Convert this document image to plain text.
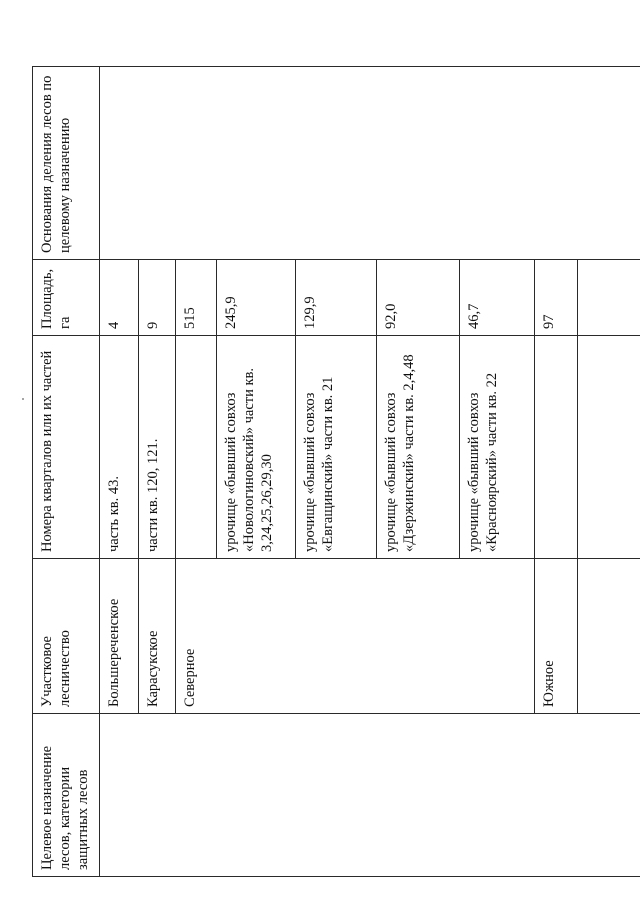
Целевое назначение лесов, категории защитных лесов	Участковое лесничество	Номера кварталов или их частей	Площадь, га	Основания деления лесов по целевому назначению
	Большереченское	часть кв. 43.	4	
	Карасукское	части кв. 120, 121.	9	
	Северное		515	
		урочище «бывший совхоз «Новологиновский» части кв. 3,24,25,26,29,30	245,9	
		урочище «бывший совхоз «Евгащинский» части кв. 21	129,9	
		урочище «бывший совхоз «Дзержинский» части кв. 2,4,48	92,0	
		урочище «бывший совхоз «Красноярский» части кв. 22	46,7	
	Южное		97	
